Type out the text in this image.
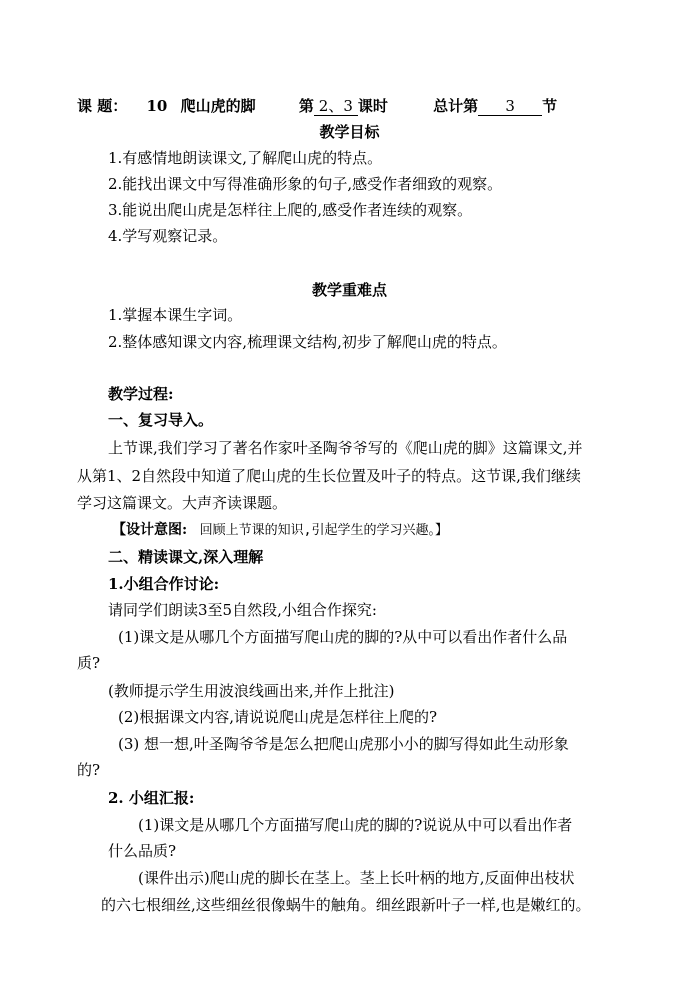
课 题： 10 爬山虎的脚	第 2、3 课时	总计第 3 节
教学目标
1.有感情地朗读课文,了解爬山虎的特点。
2.能找出课文中写得准确形象的句子,感受作者细致的观察。
3.能说出爬山虎是怎样往上爬的,感受作者连续的观察。
4.学写观察记录。
教学重难点
1.掌握本课生字词。
2.整体感知课文内容,梳理课文结构,初步了解爬山虎的特点。
教学过程:
一、复习导入。
上节课,我们学习了著名作家叶圣陶爷爷写的《爬山虎的脚》这篇课文,并
从第1、2自然段中知道了爬山虎的生长位置及叶子的特点。这节课,我们继续
学习这篇课文。大声齐读课题。
【设计意图: 回顾上节课的知识,引起学生的学习兴趣。】
二、精读课文,深入理解
1.小组合作讨论:
请同学们朗读3至5自然段,小组合作探究:
(1)课文是从哪几个方面描写爬山虎的脚的?从中可以看出作者什么品
质?
(教师提示学生用波浪线画出来,并作上批注)
(2)根据课文内容,请说说爬山虎是怎样往上爬的?
(3) 想一想,叶圣陶爷爷是怎么把爬山虎那小小的脚写得如此生动形象
的?
2. 小组汇报:
(1)课文是从哪几个方面描写爬山虎的脚的?说说从中可以看出作者
什么品质?
(课件出示)爬山虎的脚长在茎上。茎上长叶柄的地方,反面伸出枝状
的六七根细丝,这些细丝很像蜗牛的触角。细丝跟新叶子一样,也是嫩红的。
